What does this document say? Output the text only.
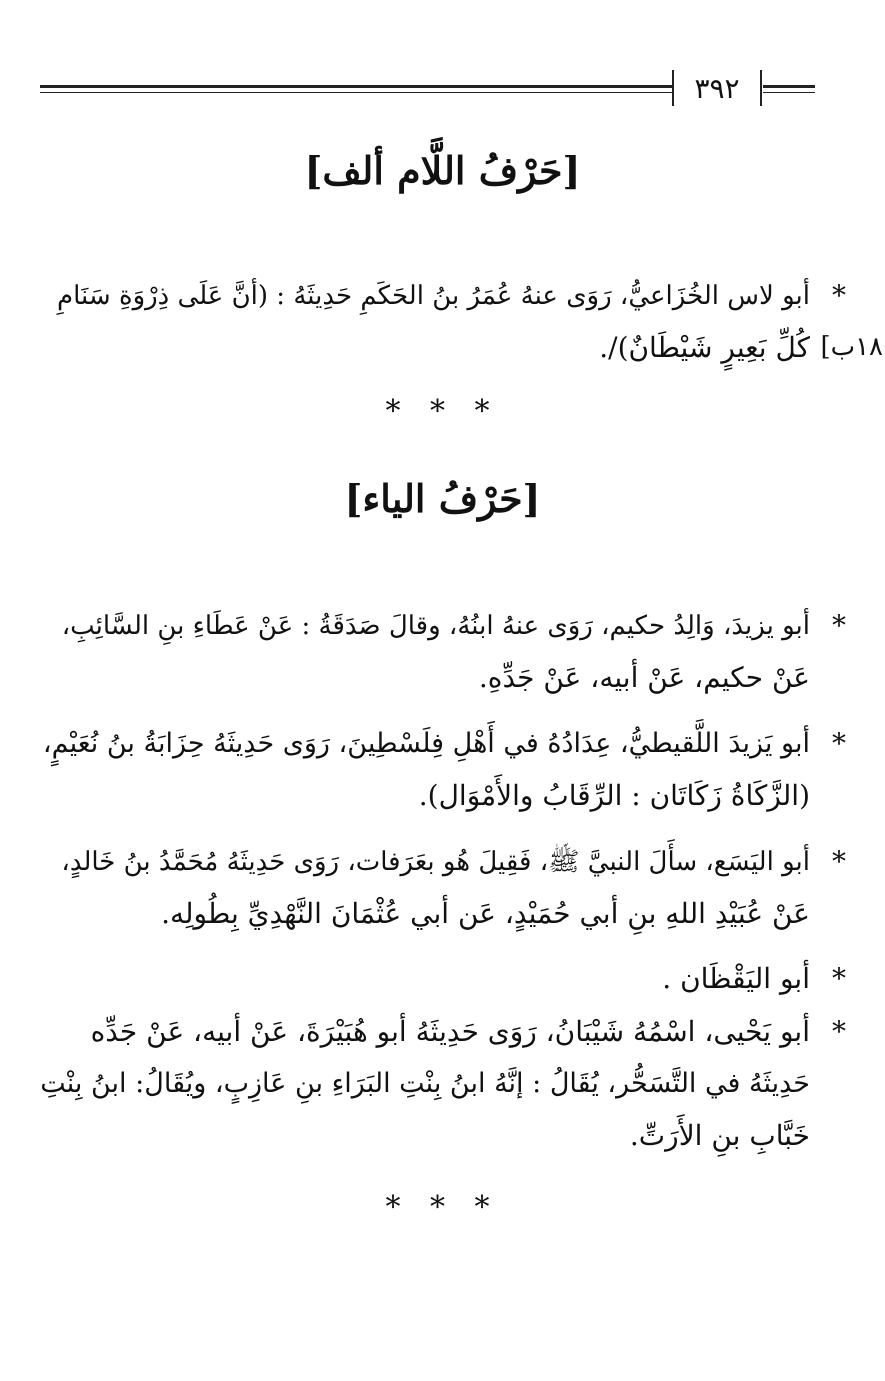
٣٩٢
[حَرْفُ اللَّام ألف]
*
أبو لاس الخُزَاعيُّ، رَوَى عنهُ عُمَرُ بنُ الحَكَمِ حَدِيثَهُ : (أنَّ عَلَى ذِرْوَةِ سَنَامِ
كُلِّ بَعِيرٍ شَيْطَانٌ)/. ١٨ب]
* * *
[حَرْفُ الياء]
*
أبو يزيدَ، وَالِدُ حكيم، رَوَى عنهُ ابنُهُ، وقالَ صَدَقَةُ : عَنْ عَطَاءِ بنِ السَّائِبِ،
عَنْ حكيم، عَنْ أبيه، عَنْ جَدِّهِ.
*
أبو يَزيدَ اللَّقيطيُّ، عِدَادُهُ في أَهْلِ فِلَسْطِينَ، رَوَى حَدِيثَهُ حِزَابَةُ بنُ نُعَيْمٍ،
(الزَّكَاةُ زَكَاتَان : الرِّقَابُ والأَمْوَال).
*
أبو اليَسَع، سأَلَ النبيَّ ﷺ، فَقِيلَ هُو بعَرَفات، رَوَى حَدِيثَهُ مُحَمَّدُ بنُ خَالدٍ،
عَنْ عُبَيْدِ اللهِ بنِ أبي حُمَيْدٍ، عَن أبي عُثْمَانَ النَّهْدِيِّ بِطُولِه.
*
أبو اليَقْظَان .
*
أبو يَحْيى، اسْمُهُ شَيْبَانُ، رَوَى حَدِيثَهُ أبو هُبَيْرَةَ، عَنْ أبيه، عَنْ جَدِّه
حَدِيثَهُ في التَّسَحُّر، يُقَالُ : إنَّهُ ابنُ بِنْتِ البَرَاءِ بنِ عَازِبٍ، ويُقَالُ: ابنُ بِنْتِ
خَبَّابِ بنِ الأَرَتِّ.
* * *
